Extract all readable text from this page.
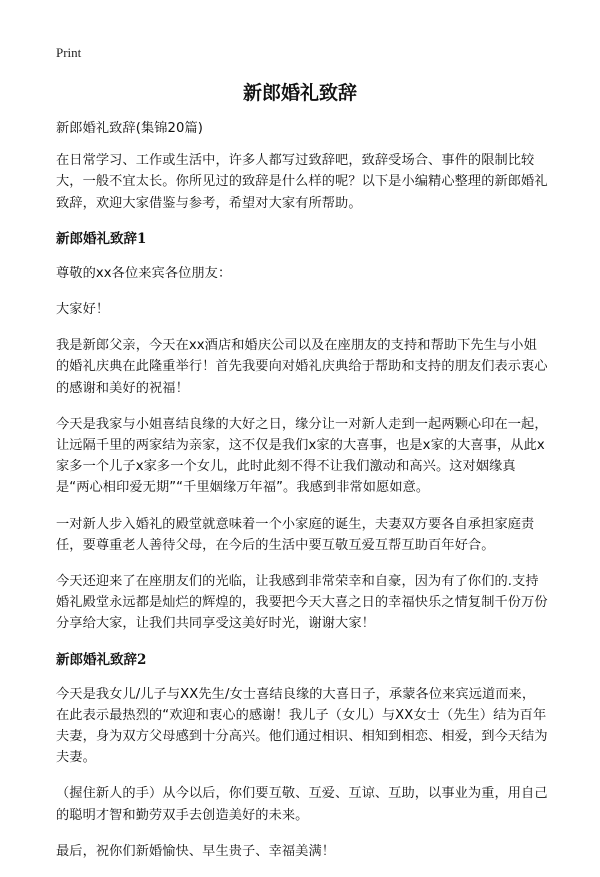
Print
新郎婚礼致辞

新郎婚礼致辞(集锦20篇)

在日常学习、工作或生活中，许多人都写过致辞吧，致辞受场合、事件的限制比较大，一般不宜太长。你所见过的致辞是什么样的呢？以下是小编精心整理的新郎婚礼致辞，欢迎大家借鉴与参考，希望对大家有所帮助。

新郎婚礼致辞1

尊敬的xx各位来宾各位朋友：

大家好！

我是新郎父亲，今天在xx酒店和婚庆公司以及在座朋友的支持和帮助下先生与小姐的婚礼庆典在此隆重举行！首先我要向对婚礼庆典给于帮助和支持的朋友们表示衷心的感谢和美好的祝福！

今天是我家与小姐喜结良缘的大好之日，缘分让一对新人走到一起两颗心印在一起，让远隔千里的两家结为亲家，这不仅是我们x家的大喜事，也是x家的大喜事，从此x家多一个儿子x家多一个女儿，此时此刻不得不让我们激动和高兴。这对姻缘真是“两心相印爱无期”“千里姻缘万年福”。我感到非常如愿如意。

一对新人步入婚礼的殿堂就意味着一个小家庭的诞生，夫妻双方要各自承担家庭责任，要尊重老人善待父母，在今后的生活中要互敬互爱互帮互助百年好合。

今天还迎来了在座朋友们的光临，让我感到非常荣幸和自豪，因为有了你们的.支持婚礼殿堂永远都是灿烂的辉煌的，我要把今天大喜之日的幸福快乐之情复制千份万份分享给大家，让我们共同享受这美好时光，谢谢大家！

新郎婚礼致辞2

今天是我女儿/儿子与XX先生/女士喜结良缘的大喜日子，承蒙各位来宾远道而来，在此表示最热烈的“欢迎和衷心的感谢！我儿子（女儿）与XX女士（先生）结为百年夫妻，身为双方父母感到十分高兴。他们通过相识、相知到相恋、相爱，到今天结为夫妻。

（握住新人的手）从今以后，你们要互敬、互爱、互谅、互助，以事业为重，用自己的聪明才智和勤劳双手去创造美好的未来。

最后，祝你们新婚愉快、早生贵子、幸福美满！
